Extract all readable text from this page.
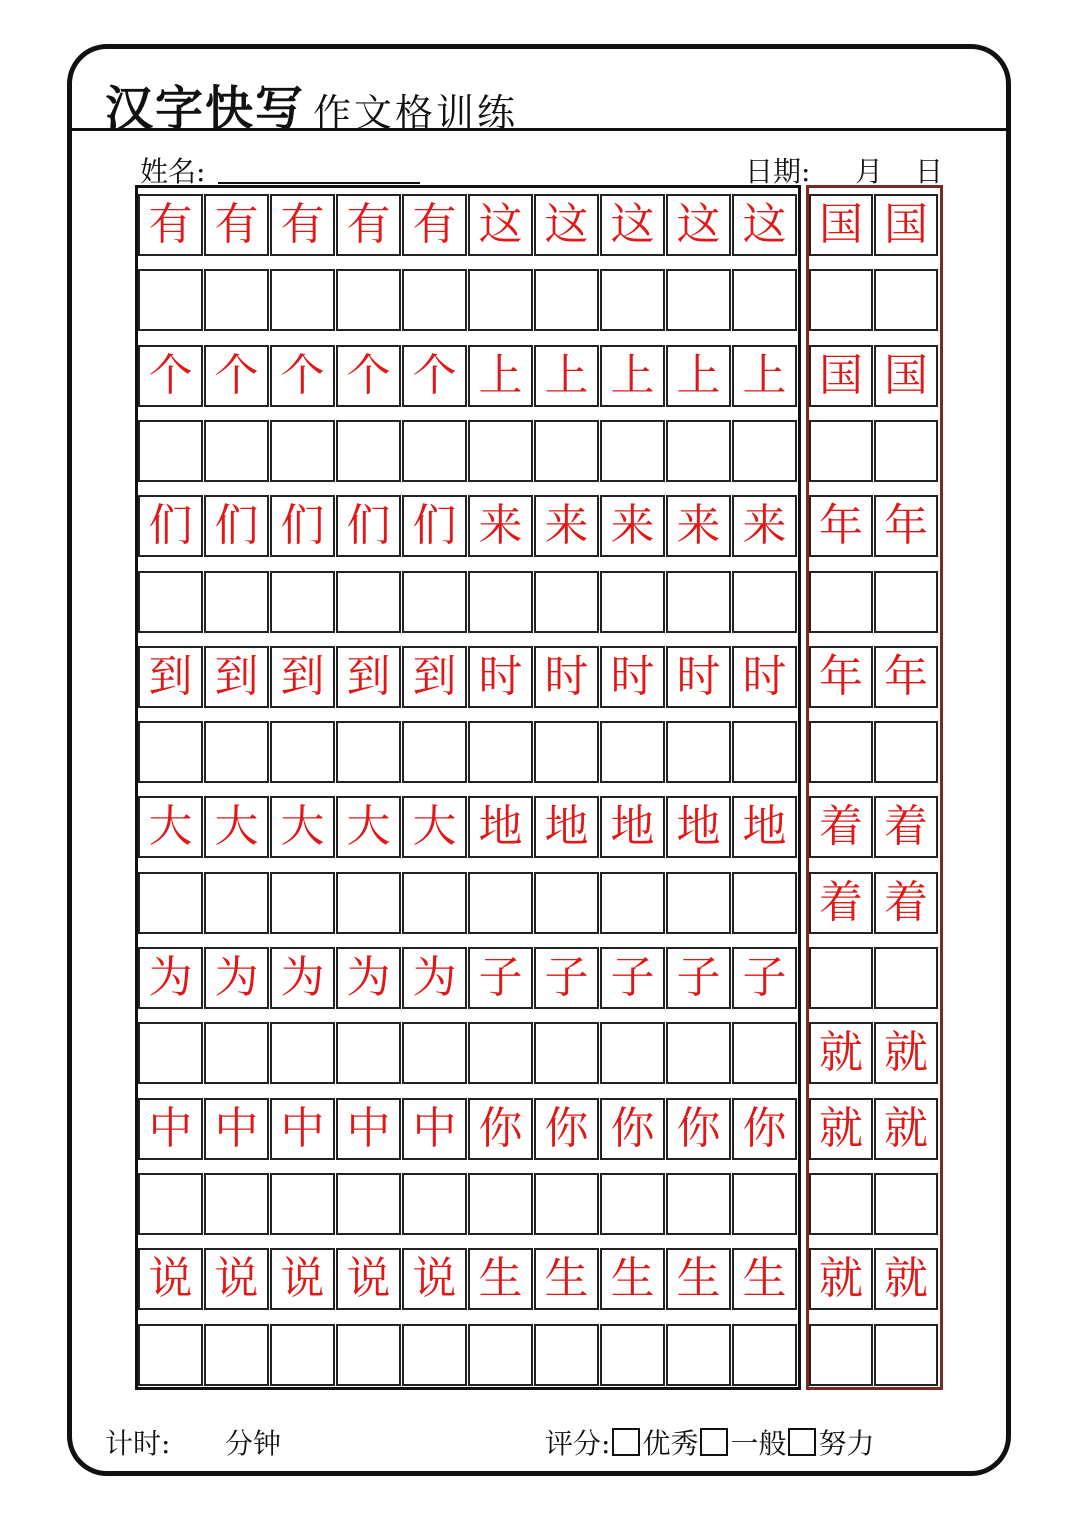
汉字快写 作文格训练
姓名:	日期: 月 日
有 有 有 有 有 这 这 这 这 这 国 国
个 个 个 个 个 上 上 上 上 上 国 国
们 们 们 们 们 来 来 来 来 来 年 年
到 到 到 到 到 时 时 时 时 时 年 年
大 大 大 大 大 地 地 地 地 地 着 着
着 着
为 为 为 为 为 子 子 子 子 子
就 就
中 中 中 中 中 你 你 你 你 你 就 就
说 说 说 说 说 生 生 生 生 生 就 就
计时: 分钟	评分: 优秀 一般 努力
